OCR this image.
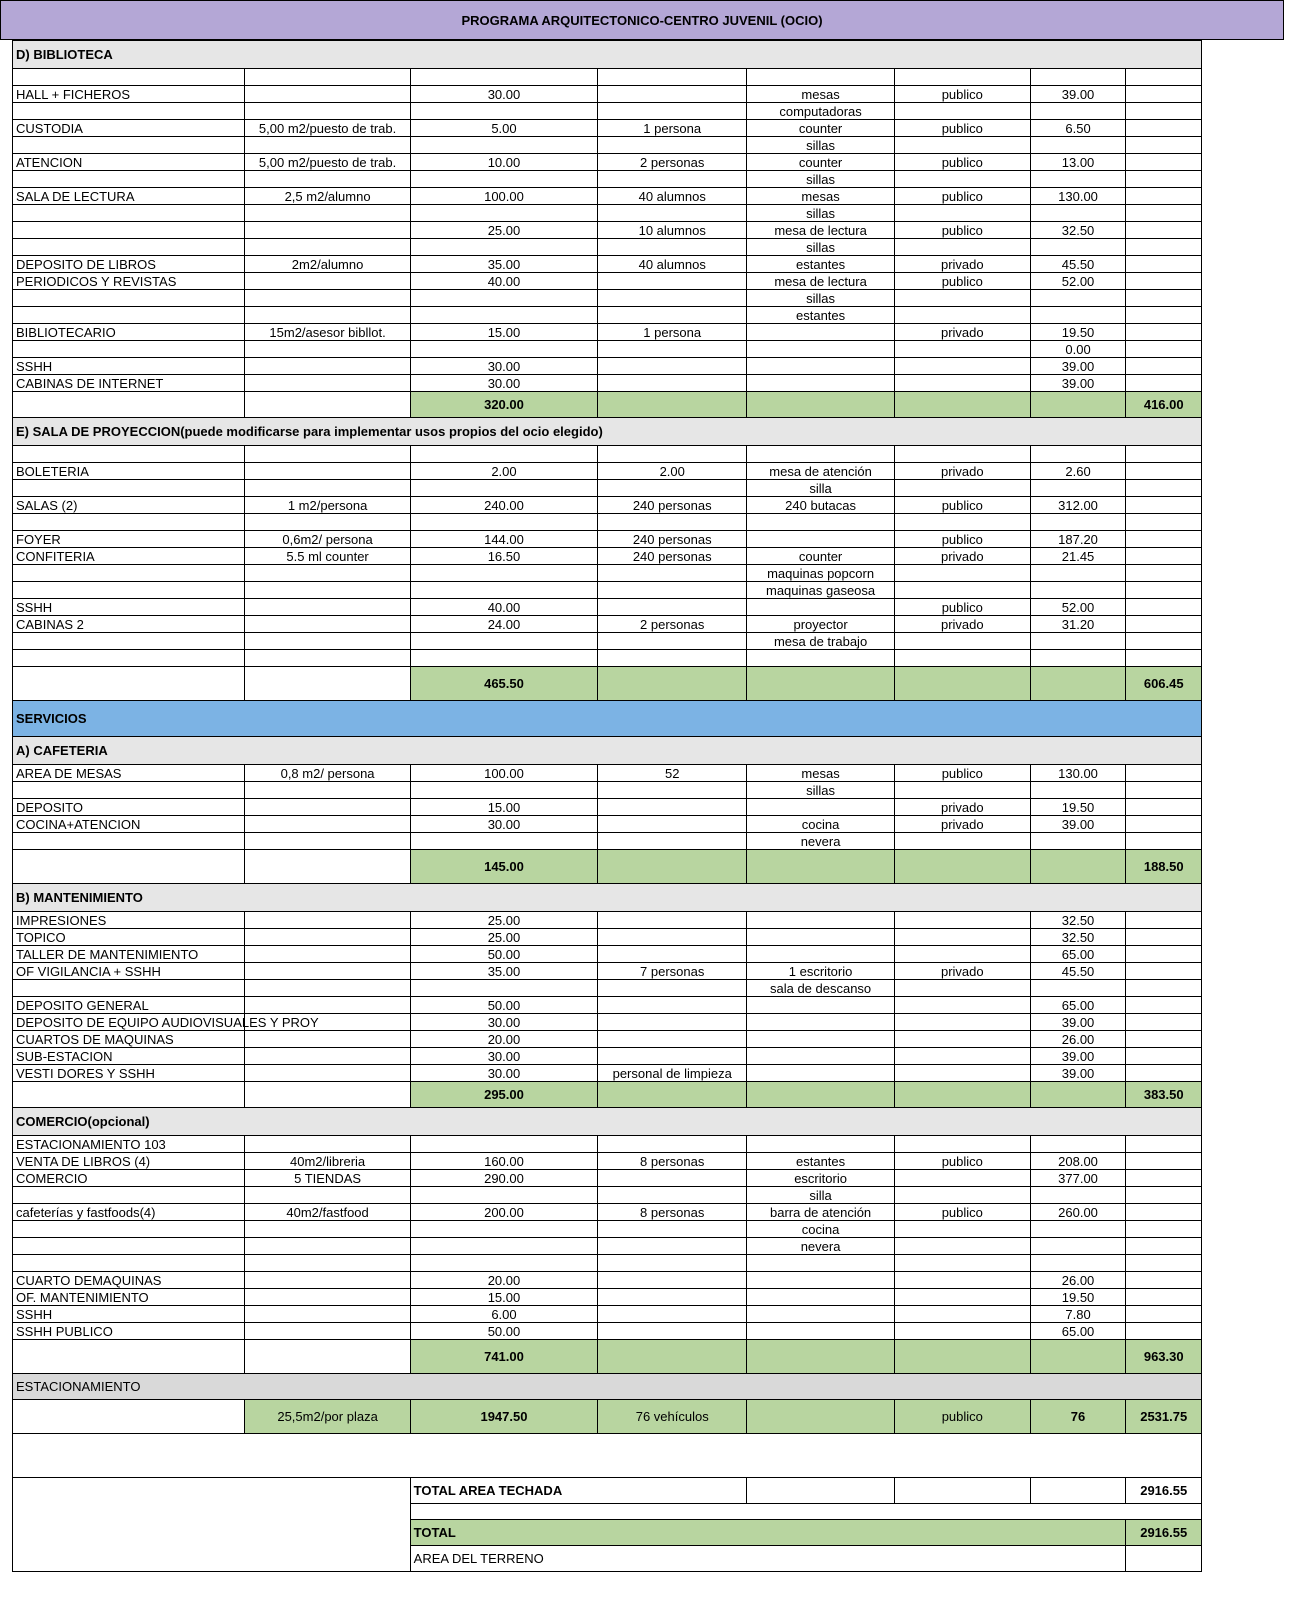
PROGRAMA ARQUITECTONICO-CENTRO JUVENIL (OCIO)
D) BIBLIOTECA							

HALL + FICHEROS		30.00		mesas	publico	39.00	
				computadoras			
CUSTODIA	5,00 m2/puesto de trab.	5.00	1 persona	counter	publico	6.50	
				sillas			
ATENCION	5,00 m2/puesto de trab.	10.00	2 personas	counter	publico	13.00	
				sillas			
SALA DE LECTURA	2,5 m2/alumno	100.00	40 alumnos	mesas	publico	130.00	
				sillas			
		25.00	10 alumnos	mesa de lectura	publico	32.50	
				sillas			
DEPOSITO DE LIBROS	2m2/alumno	35.00	40 alumnos	estantes	privado	45.50	
PERIODICOS Y REVISTAS		40.00		mesa de lectura	publico	52.00	
				sillas			
				estantes			
BIBLIOTECARIO	15m2/asesor bibllot.	15.00	1 persona		privado	19.50	
						0.00	
SSHH		30.00				39.00	
CABINAS DE INTERNET		30.00				39.00	
		320.00					416.00
E) SALA DE PROYECCION(puede modificarse para implementar usos propios del ocio elegido)							

BOLETERIA		2.00	2.00	mesa de atención	privado	2.60	
				silla			
SALAS (2)	1 m2/persona	240.00	240 personas	240 butacas	publico	312.00	

FOYER	0,6m2/ persona	144.00	240 personas		publico	187.20	
CONFITERIA	5.5 ml counter	16.50	240 personas	counter	privado	21.45	
				maquinas popcorn			
				maquinas gaseosa			
SSHH		40.00			publico	52.00	
CABINAS 2		24.00	2 personas	proyector	privado	31.20	
				mesa de trabajo			

		465.50					606.45
SERVICIOS							
A) CAFETERIA							
AREA DE MESAS	0,8 m2/ persona	100.00	52	mesas	publico	130.00	
				sillas			
DEPOSITO		15.00			privado	19.50	
COCINA+ATENCION		30.00		cocina	privado	39.00	
				nevera			
		145.00					188.50
B) MANTENIMIENTO							
IMPRESIONES		25.00				32.50	
TOPICO		25.00				32.50	
TALLER DE MANTENIMIENTO		50.00				65.00	
OF VIGILANCIA + SSHH		35.00	7 personas	1 escritorio	privado	45.50	
				sala de descanso			
DEPOSITO GENERAL		50.00				65.00	
DEPOSITO DE EQUIPO AUDIOVISUALES Y PROY		30.00				39.00	
CUARTOS DE MAQUINAS		20.00				26.00	
SUB-ESTACION		30.00				39.00	
VESTI DORES Y SSHH		30.00	personal de limpieza			39.00	
		295.00					383.50
COMERCIO(opcional)							
ESTACIONAMIENTO 103							
VENTA DE LIBROS (4)	40m2/libreria	160.00	8 personas	estantes	publico	208.00	
COMERCIO	5 TIENDAS	290.00		escritorio		377.00	
				silla			
cafeterías y fastfoods(4)	40m2/fastfood	200.00	8 personas	barra de atención	publico	260.00	
				cocina			
				nevera			

CUARTO DEMAQUINAS		20.00				26.00	
OF. MANTENIMIENTO		15.00				19.50	
SSHH		6.00				7.80	
SSHH PUBLICO		50.00				65.00	
		741.00					963.30
ESTACIONAMIENTO							
	25,5m2/por plaza	1947.50	76 vehículos		publico	76	2531.75

		TOTAL AREA TECHADA					2916.55

		TOTAL					2916.55
		AREA DEL TERRENO					
